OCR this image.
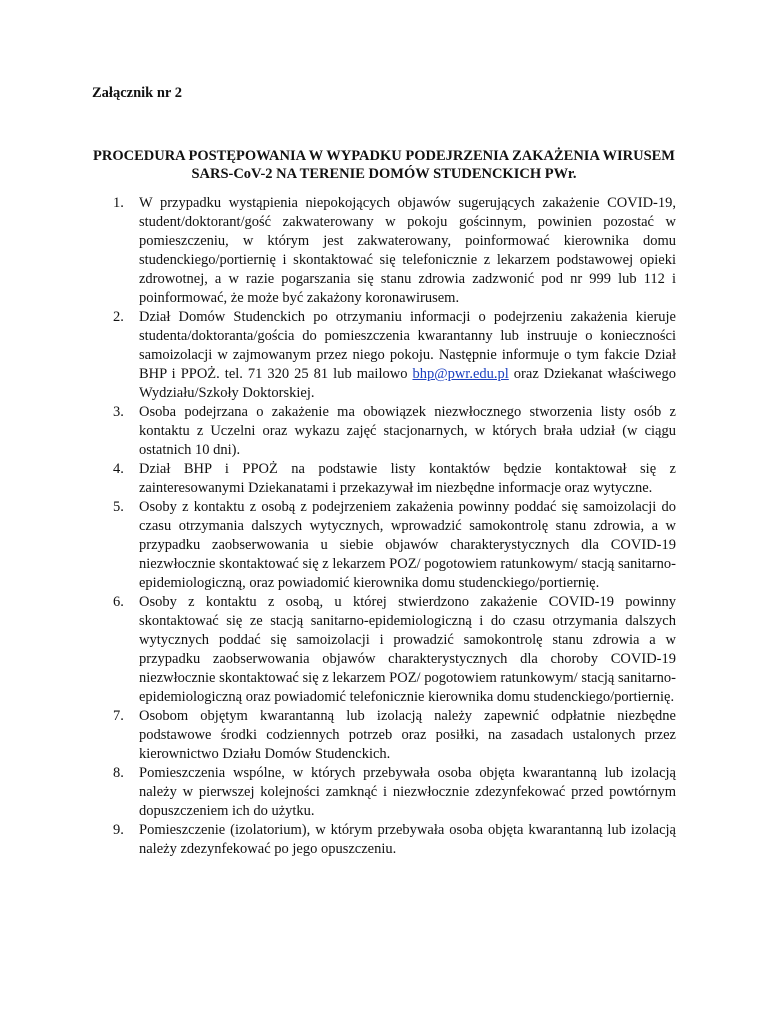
Załącznik nr 2

PROCEDURA POSTĘPOWANIA W WYPADKU PODEJRZENIA ZAKAŻENIA WIRUSEM
SARS-CoV-2 NA TERENIE DOMÓW STUDENCKICH PWr.
1. W przypadku wystąpienia niepokojących objawów sugerujących zakażenie COVID-19, student/doktorant/gość zakwaterowany w pokoju gościnnym, powinien pozostać w pomieszczeniu, w którym jest zakwaterowany, poinformować kierownika domu studenckiego/portiernię i skontaktować się telefonicznie z lekarzem podstawowej opieki zdrowotnej, a w razie pogarszania się stanu zdrowia zadzwonić pod nr 999 lub 112 i poinformować, że może być zakażony koronawirusem.
2. Dział Domów Studenckich po otrzymaniu informacji o podejrzeniu zakażenia kieruje studenta/doktoranta/gościa do pomieszczenia kwarantanny lub instruuje o konieczności samoizolacji w zajmowanym przez niego pokoju. Następnie informuje o tym fakcie Dział BHP i PPOŻ. tel. 71 320 25 81 lub mailowo bhp@pwr.edu.pl oraz Dziekanat właściwego Wydziału/Szkoły Doktorskiej.
3. Osoba podejrzana o zakażenie ma obowiązek niezwłocznego stworzenia listy osób z kontaktu z Uczelni oraz wykazu zajęć stacjonarnych, w których brała udział (w ciągu ostatnich 10 dni).
4. Dział BHP i PPOŻ na podstawie listy kontaktów będzie kontaktował się z zainteresowanymi Dziekanatami i przekazywał im niezbędne informacje oraz wytyczne.
5. Osoby z kontaktu z osobą z podejrzeniem zakażenia powinny poddać się samoizolacji do czasu otrzymania dalszych wytycznych, wprowadzić samokontrolę stanu zdrowia, a w przypadku zaobserwowania u siebie objawów charakterystycznych dla COVID-19 niezwłocznie skontaktować się z lekarzem POZ/ pogotowiem ratunkowym/ stacją sanitarno-epidemiologiczną, oraz powiadomić kierownika domu studenckiego/portiernię.
6. Osoby z kontaktu z osobą, u której stwierdzono zakażenie COVID-19 powinny skontaktować się ze stacją sanitarno-epidemiologiczną i do czasu otrzymania dalszych wytycznych poddać się samoizolacji i prowadzić samokontrolę stanu zdrowia a w przypadku zaobserwowania objawów charakterystycznych dla choroby COVID-19 niezwłocznie skontaktować się z lekarzem POZ/ pogotowiem ratunkowym/ stacją sanitarno-epidemiologiczną oraz powiadomić telefonicznie kierownika domu studenckiego/portiernię.
7. Osobom objętym kwarantanną lub izolacją należy zapewnić odpłatnie niezbędne podstawowe środki codziennych potrzeb oraz posiłki, na zasadach ustalonych przez kierownictwo Działu Domów Studenckich.
8. Pomieszczenia wspólne, w których przebywała osoba objęta kwarantanną lub izolacją należy w pierwszej kolejności zamknąć i niezwłocznie zdezynfekować przed powtórnym dopuszczeniem ich do użytku.
9. Pomieszczenie (izolatorium), w którym przebywała osoba objęta kwarantanną lub izolacją należy zdezynfekować po jego opuszczeniu.
